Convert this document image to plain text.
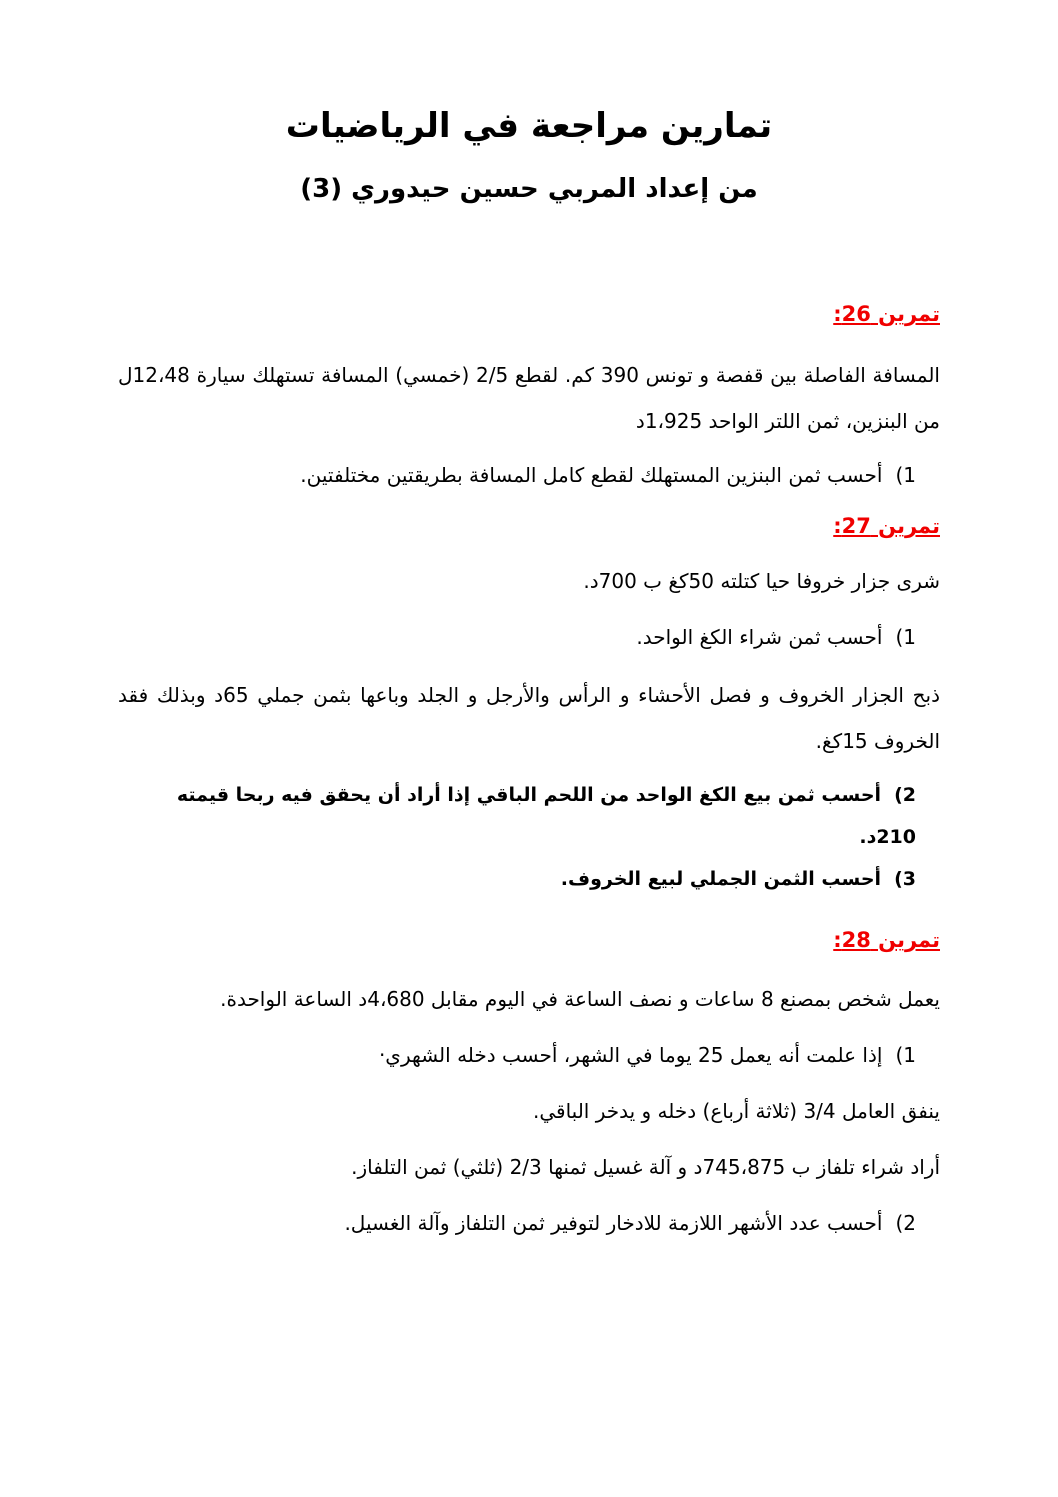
تمارين مراجعة في الرياضيات
من إعداد المربي حسين حيدوري (3)
تمرين 26:

المسافة الفاصلة بين قفصة و تونس 390 كم. لقطع 2/5 (خمسي) المسافة تستهلك سيارة 12،48ل من البنزين، ثمن اللتر الواحد 1،925د

1)أحسب ثمن البنزين المستهلك لقطع كامل المسافة بطريقتين مختلفتين.
تمرين 27:

شرى جزار خروفا حيا كتلته 50كغ ب 700د.

1)أحسب ثمن شراء الكغ الواحد.

ذبح الجزار الخروف و فصل الأحشاء و الرأس والأرجل و الجلد وباعها بثمن جملي 65د وبذلك فقد الخروف 15كغ.

2)أحسب ثمن بيع الكغ الواحد من اللحم الباقي إذا أراد أن يحقق فيه ربحا قيمته 210د.
3)أحسب الثمن الجملي لبيع الخروف.
تمرين 28:

يعمل شخص بمصنع 8 ساعات و نصف الساعة في اليوم مقابل 4،680د الساعة الواحدة.

1)إذا علمت أنه يعمل 25 يوما في الشهر، أحسب دخله الشهري·

ينفق العامل 3/4 (ثلاثة أرباع) دخله و يدخر الباقي.

أراد شراء تلفاز ب 745،875د و آلة غسيل ثمنها 2/3 (ثلثي) ثمن التلفاز.

2)أحسب عدد الأشهر اللازمة للادخار لتوفير ثمن التلفاز وآلة الغسيل.
